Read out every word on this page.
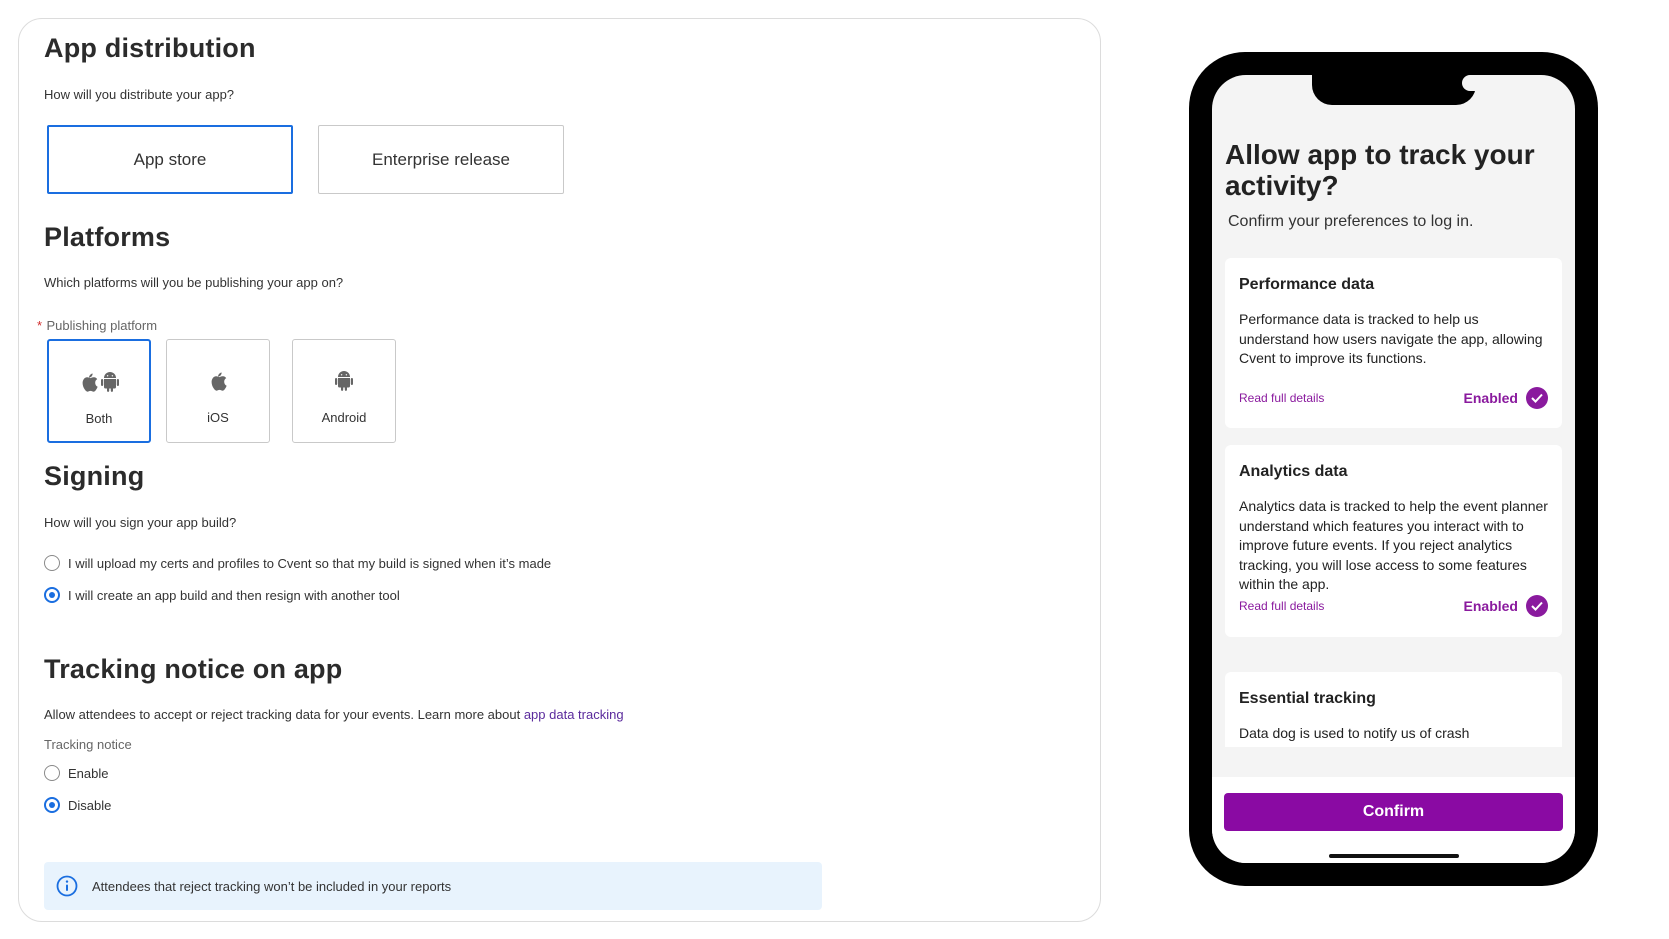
App distribution
How will you distribute your app?
App store	Enterprise release
Platforms
Which platforms will you be publishing your app on?
* Publishing platform
Both	iOS	Android
Signing
How will you sign your app build?
I will upload my certs and profiles to Cvent so that my build is signed when it’s made
I will create an app build and then resign with another tool
Tracking notice on app
Allow attendees to accept or reject tracking data for your events. Learn more about app data tracking
Tracking notice
Enable
Disable
Attendees that reject tracking won’t be included in your reports
Allow app to track your activity?
Confirm your preferences to log in.
Performance data
Performance data is tracked to help us understand how users navigate the app, allowing Cvent to improve its functions.
Read full details	Enabled
Analytics data
Analytics data is tracked to help the event planner understand which features you interact with to improve future events. If you reject analytics tracking, you will lose access to some features within the app.
Read full details	Enabled
Essential tracking
Data dog is used to notify us of crash
Confirm
